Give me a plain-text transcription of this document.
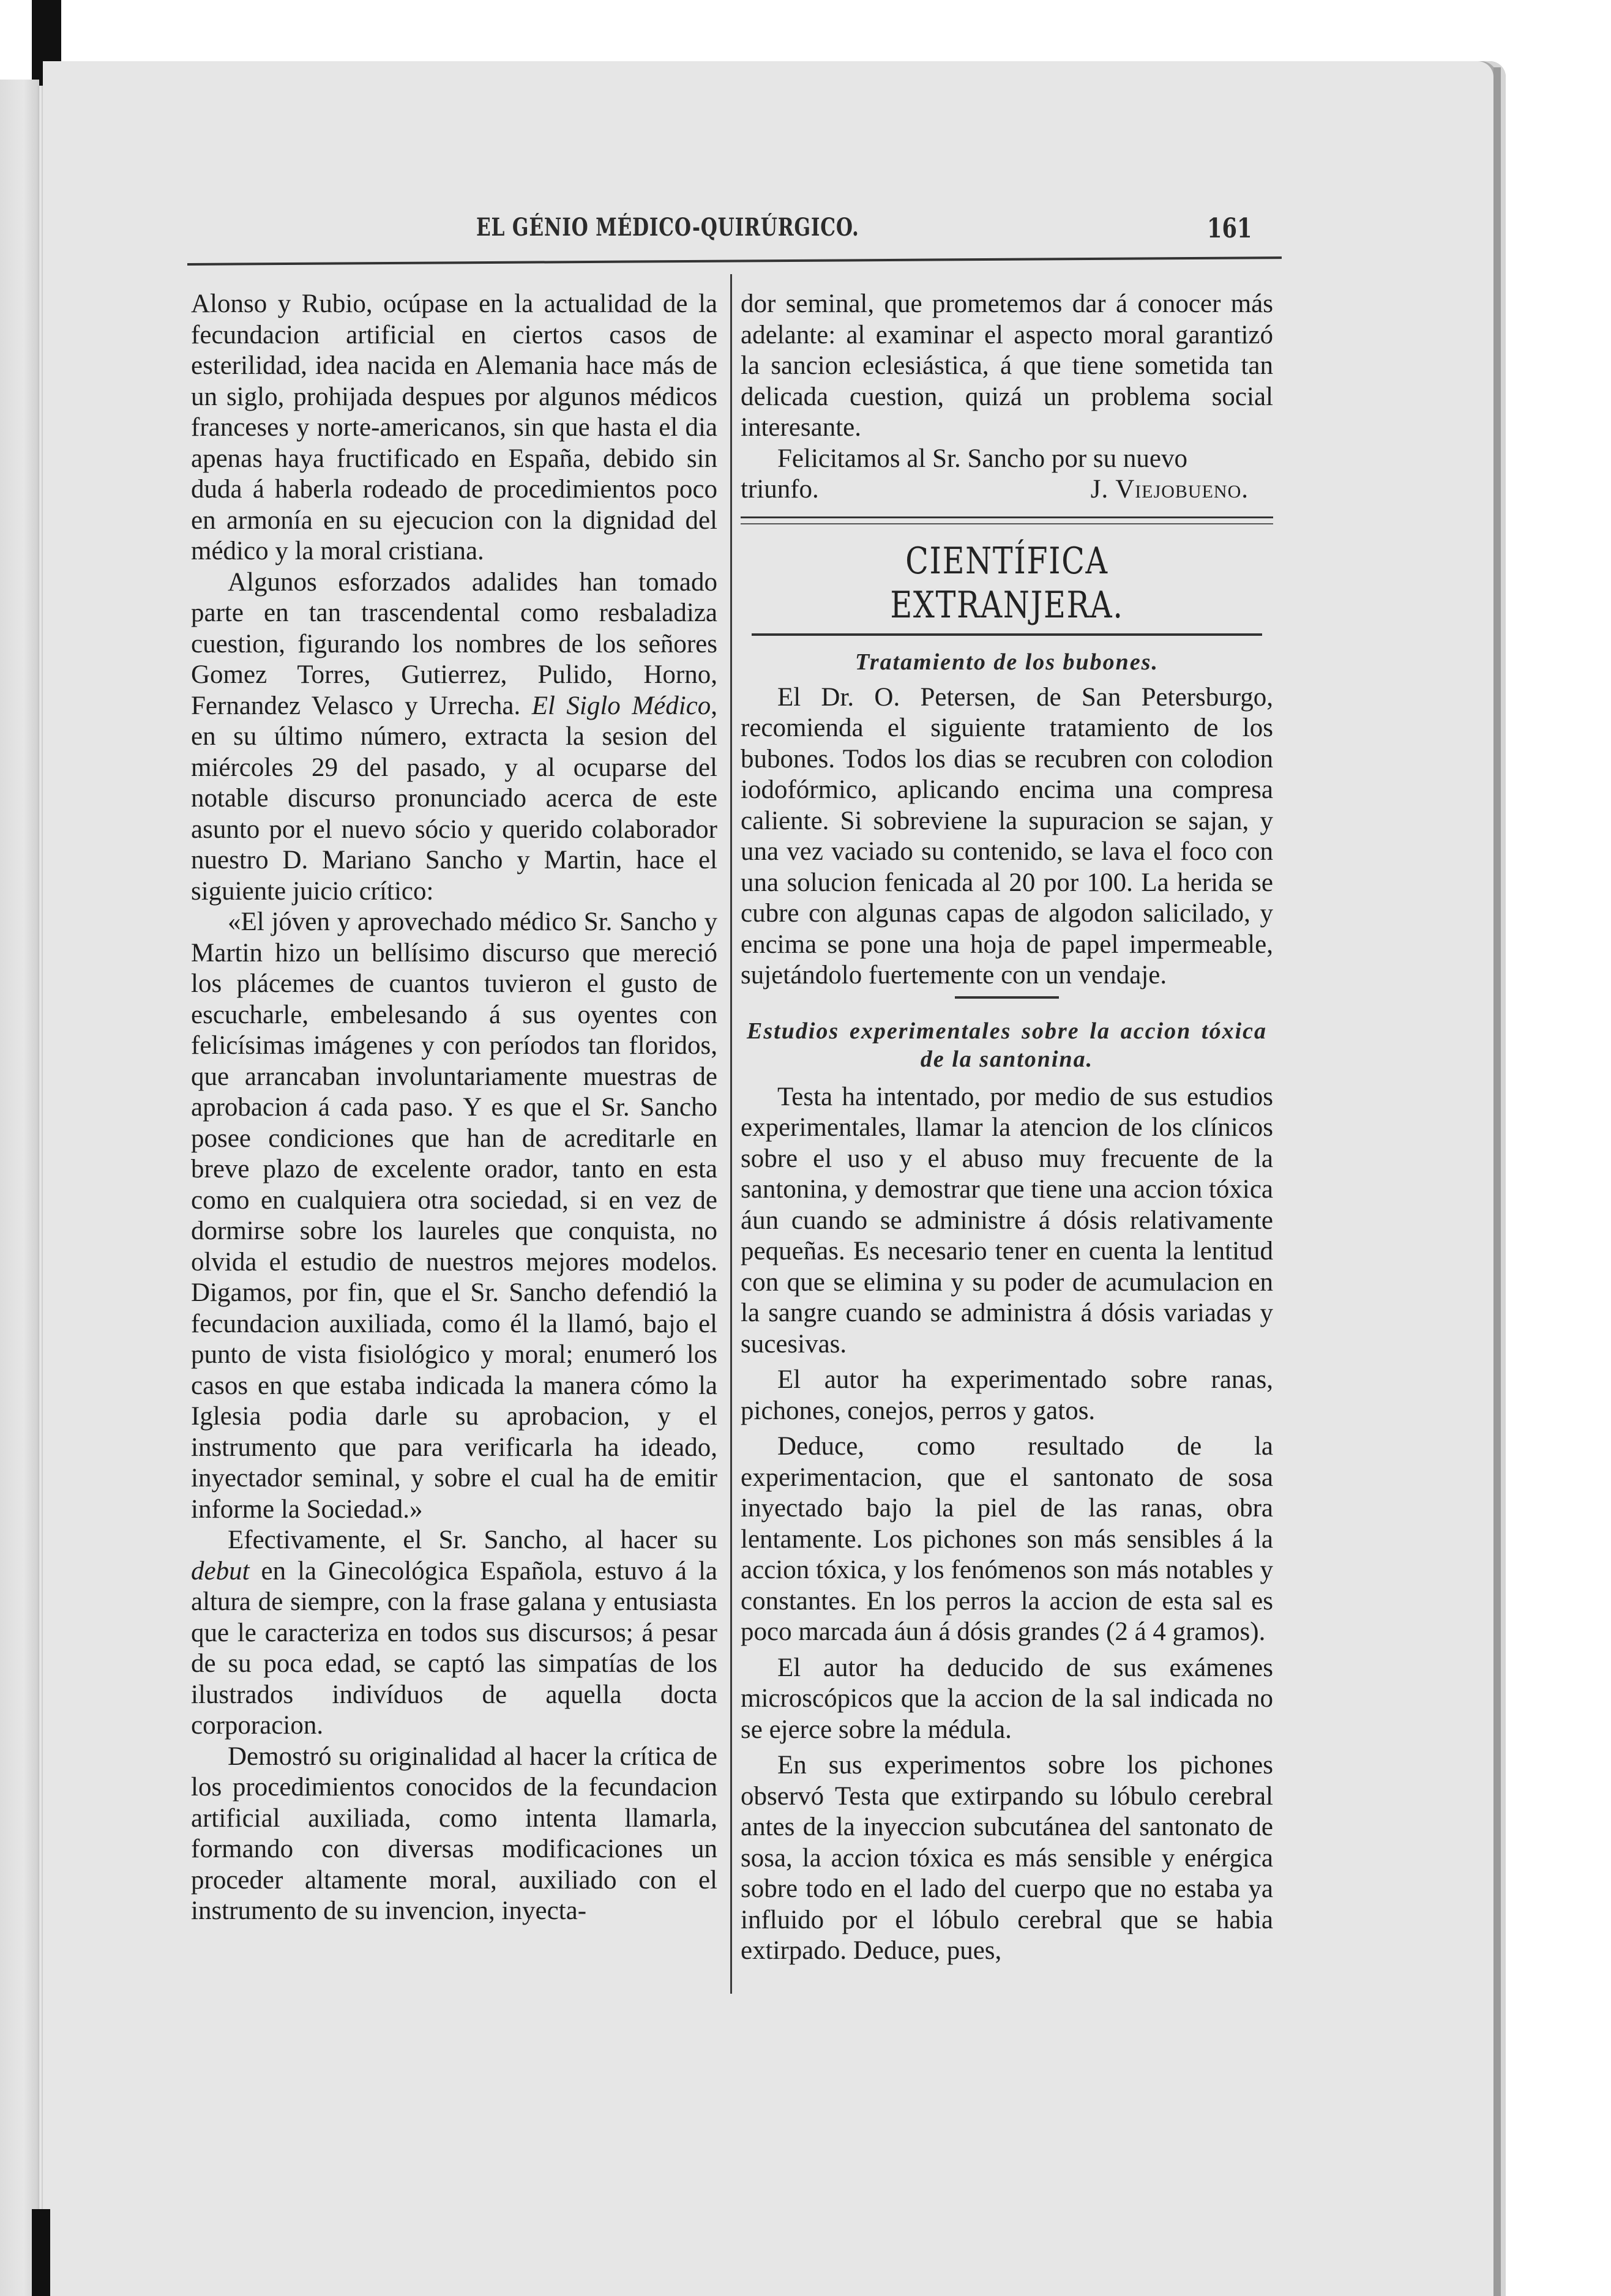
EL GÉNIO MÉDICO-QUIRÚRGICO.	161

Alonso y Rubio, ocúpase en la actualidad de la fecundacion artificial en ciertos casos de esterilidad, idea nacida en Alemania hace más de un siglo, prohijada despues por algunos médicos franceses y norte-americanos, sin que hasta el dia apenas haya fructificado en España, debido sin duda á haberla rodeado de procedimientos poco en armonía en su ejecucion con la dignidad del médico y la moral cristiana.

Algunos esforzados adalides han tomado parte en tan trascendental como resbaladiza cuestion, figurando los nombres de los señores Gomez Torres, Gutierrez, Pulido, Horno, Fernandez Velasco y Urrecha. El Siglo Médico, en su último número, extracta la sesion del miércoles 29 del pasado, y al ocuparse del notable discurso pronunciado acerca de este asunto por el nuevo sócio y querido colaborador nuestro D. Mariano Sancho y Martin, hace el siguiente juicio crítico:

«El jóven y aprovechado médico Sr. Sancho y Martin hizo un bellísimo discurso que mereció los plácemes de cuantos tuvieron el gusto de escucharle, embelesando á sus oyentes con felicísimas imágenes y con períodos tan floridos, que arrancaban involuntariamente muestras de aprobacion á cada paso. Y es que el Sr. Sancho posee condiciones que han de acreditarle en breve plazo de excelente orador, tanto en esta como en cualquiera otra sociedad, si en vez de dormirse sobre los laureles que conquista, no olvida el estudio de nuestros mejores modelos. Digamos, por fin, que el Sr. Sancho defendió la fecundacion auxiliada, como él la llamó, bajo el punto de vista fisiológico y moral; enumeró los casos en que estaba indicada la manera cómo la Iglesia podia darle su aprobacion, y el instrumento que para verificarla ha ideado, inyectador seminal, y sobre el cual ha de emitir informe la Sociedad.»

Efectivamente, el Sr. Sancho, al hacer su debut en la Ginecológica Española, estuvo á la altura de siempre, con la frase galana y entusiasta que le caracteriza en todos sus discursos; á pesar de su poca edad, se captó las simpatías de los ilustrados indivíduos de aquella docta corporacion.

Demostró su originalidad al hacer la crítica de los procedimientos conocidos de la fecundacion artificial auxiliada, como intenta llamarla, formando con diversas modificaciones un proceder altamente moral, auxiliado con el instrumento de su invencion, inyecta-

dor seminal, que prometemos dar á conocer más adelante: al examinar el aspecto moral garantizó la sancion eclesiástica, á que tiene sometida tan delicada cuestion, quizá un problema social interesante.

Felicitamos al Sr. Sancho por su nuevo

triunfo.	J. Viejobueno.
CIENTÍFICA EXTRANJERA.
Tratamiento de los bubones.

El Dr. O. Petersen, de San Petersburgo, recomienda el siguiente tratamiento de los bubones. Todos los dias se recubren con colodion iodofórmico, aplicando encima una compresa caliente. Si sobreviene la supuracion se sajan, y una vez vaciado su contenido, se lava el foco con una solucion fenicada al 20 por 100. La herida se cubre con algunas capas de algodon salicilado, y encima se pone una hoja de papel impermeable, sujetándolo fuertemente con un vendaje.

Estudios experimentales sobre la accion tóxica de la santonina.

Testa ha intentado, por medio de sus estudios experimentales, llamar la atencion de los clínicos sobre el uso y el abuso muy frecuente de la santonina, y demostrar que tiene una accion tóxica áun cuando se administre á dósis relativamente pequeñas. Es necesario tener en cuenta la lentitud con que se elimina y su poder de acumulacion en la sangre cuando se administra á dósis variadas y sucesivas.

El autor ha experimentado sobre ranas, pichones, conejos, perros y gatos.

Deduce, como resultado de la experimentacion, que el santonato de sosa inyectado bajo la piel de las ranas, obra lentamente. Los pichones son más sensibles á la accion tóxica, y los fenómenos son más notables y constantes. En los perros la accion de esta sal es poco marcada áun á dósis grandes (2 á 4 gramos).

El autor ha deducido de sus exámenes microscópicos que la accion de la sal indicada no se ejerce sobre la médula.

En sus experimentos sobre los pichones observó Testa que extirpando su lóbulo cerebral antes de la inyeccion subcutánea del santonato de sosa, la accion tóxica es más sensible y enérgica sobre todo en el lado del cuerpo que no estaba ya influido por el lóbulo cerebral que se habia extirpado. Deduce, pues,
